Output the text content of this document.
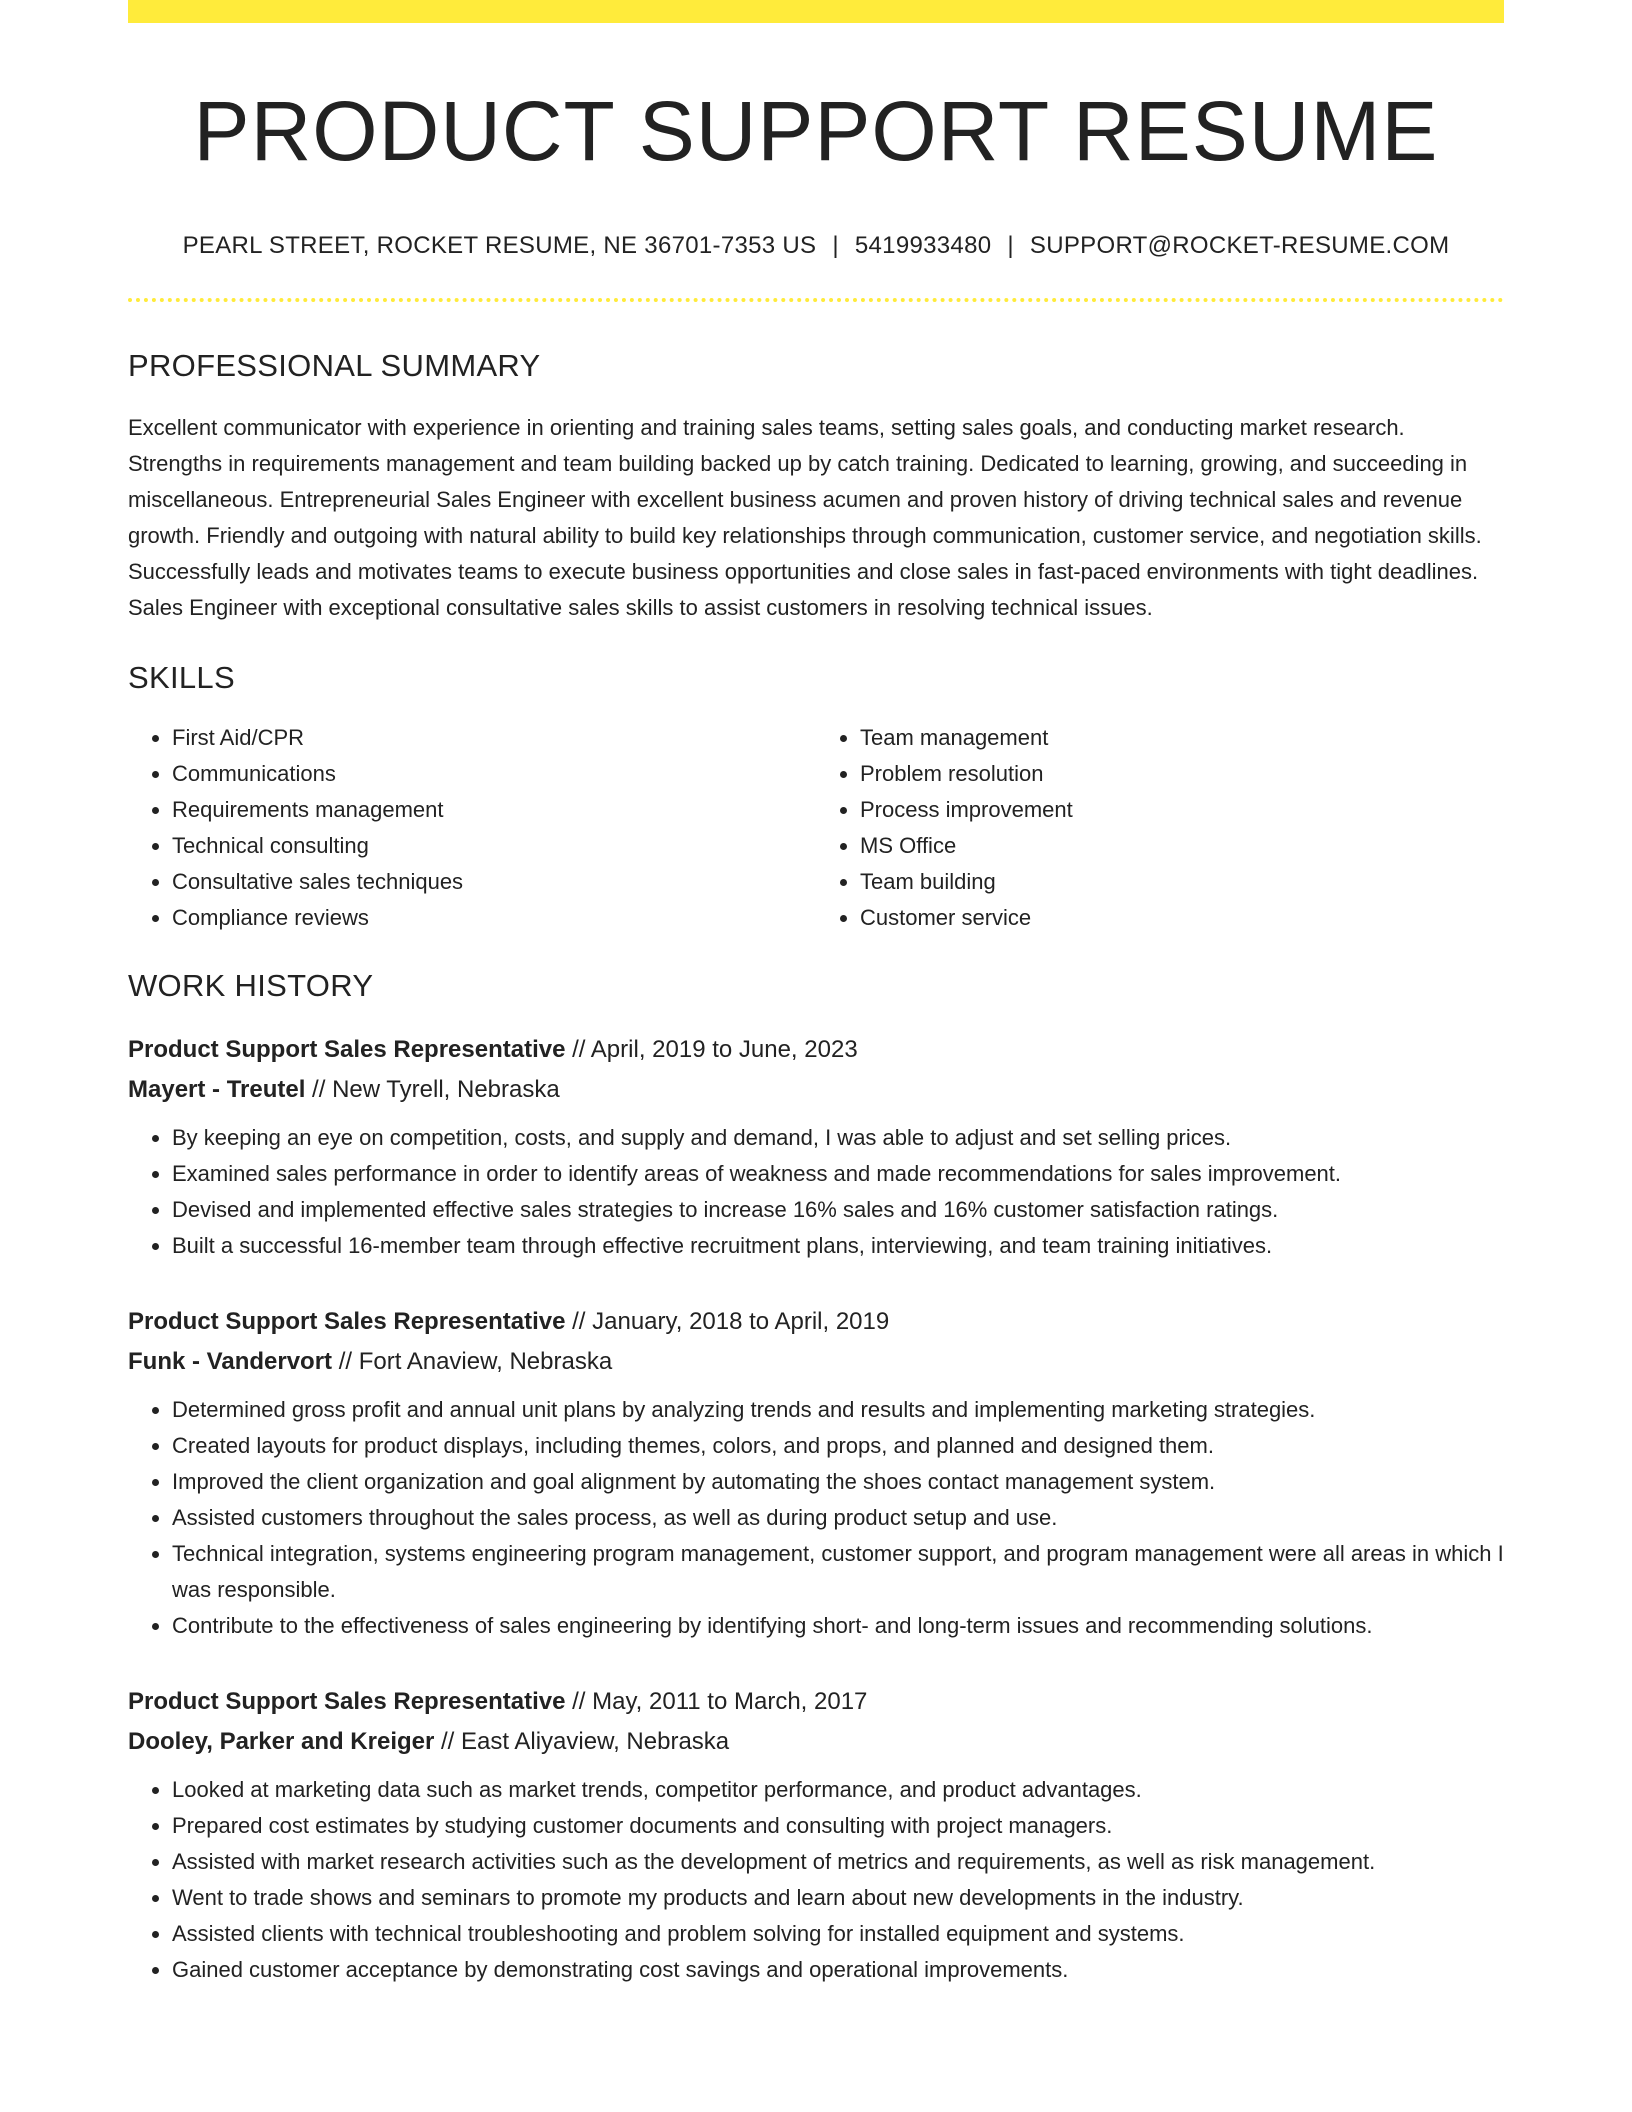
PRODUCT SUPPORT RESUME
PEARL STREET, ROCKET RESUME, NE 36701-7353 US | 5419933480 | SUPPORT@ROCKET-RESUME.COM
PROFESSIONAL SUMMARY

Excellent communicator with experience in orienting and training sales teams, setting sales goals, and conducting market research. Strengths in requirements management and team building backed up by catch training. Dedicated to learning, growing, and succeeding in miscellaneous. Entrepreneurial Sales Engineer with excellent business acumen and proven history of driving technical sales and revenue growth. Friendly and outgoing with natural ability to build key relationships through communication, customer service, and negotiation skills. Successfully leads and motivates teams to execute business opportunities and close sales in fast-paced environments with tight deadlines. Sales Engineer with exceptional consultative sales skills to assist customers in resolving technical issues.

SKILLS
• First Aid/CPR
• Communications
• Requirements management
• Technical consulting
• Consultative sales techniques
• Compliance reviews
• Team management
• Problem resolution
• Process improvement
• MS Office
• Team building
• Customer service
WORK HISTORY
Product Support Sales Representative // April, 2019 to June, 2023
Mayert - Treutel // New Tyrell, Nebraska
• By keeping an eye on competition, costs, and supply and demand, I was able to adjust and set selling prices.
• Examined sales performance in order to identify areas of weakness and made recommendations for sales improvement.
• Devised and implemented effective sales strategies to increase 16% sales and 16% customer satisfaction ratings.
• Built a successful 16-member team through effective recruitment plans, interviewing, and team training initiatives.
Product Support Sales Representative // January, 2018 to April, 2019
Funk - Vandervort // Fort Anaview, Nebraska
• Determined gross profit and annual unit plans by analyzing trends and results and implementing marketing strategies.
• Created layouts for product displays, including themes, colors, and props, and planned and designed them.
• Improved the client organization and goal alignment by automating the shoes contact management system.
• Assisted customers throughout the sales process, as well as during product setup and use.
• Technical integration, systems engineering program management, customer support, and program management were all areas in which I was responsible.
• Contribute to the effectiveness of sales engineering by identifying short- and long-term issues and recommending solutions.
Product Support Sales Representative // May, 2011 to March, 2017
Dooley, Parker and Kreiger // East Aliyaview, Nebraska
• Looked at marketing data such as market trends, competitor performance, and product advantages.
• Prepared cost estimates by studying customer documents and consulting with project managers.
• Assisted with market research activities such as the development of metrics and requirements, as well as risk management.
• Went to trade shows and seminars to promote my products and learn about new developments in the industry.
• Assisted clients with technical troubleshooting and problem solving for installed equipment and systems.
• Gained customer acceptance by demonstrating cost savings and operational improvements.
